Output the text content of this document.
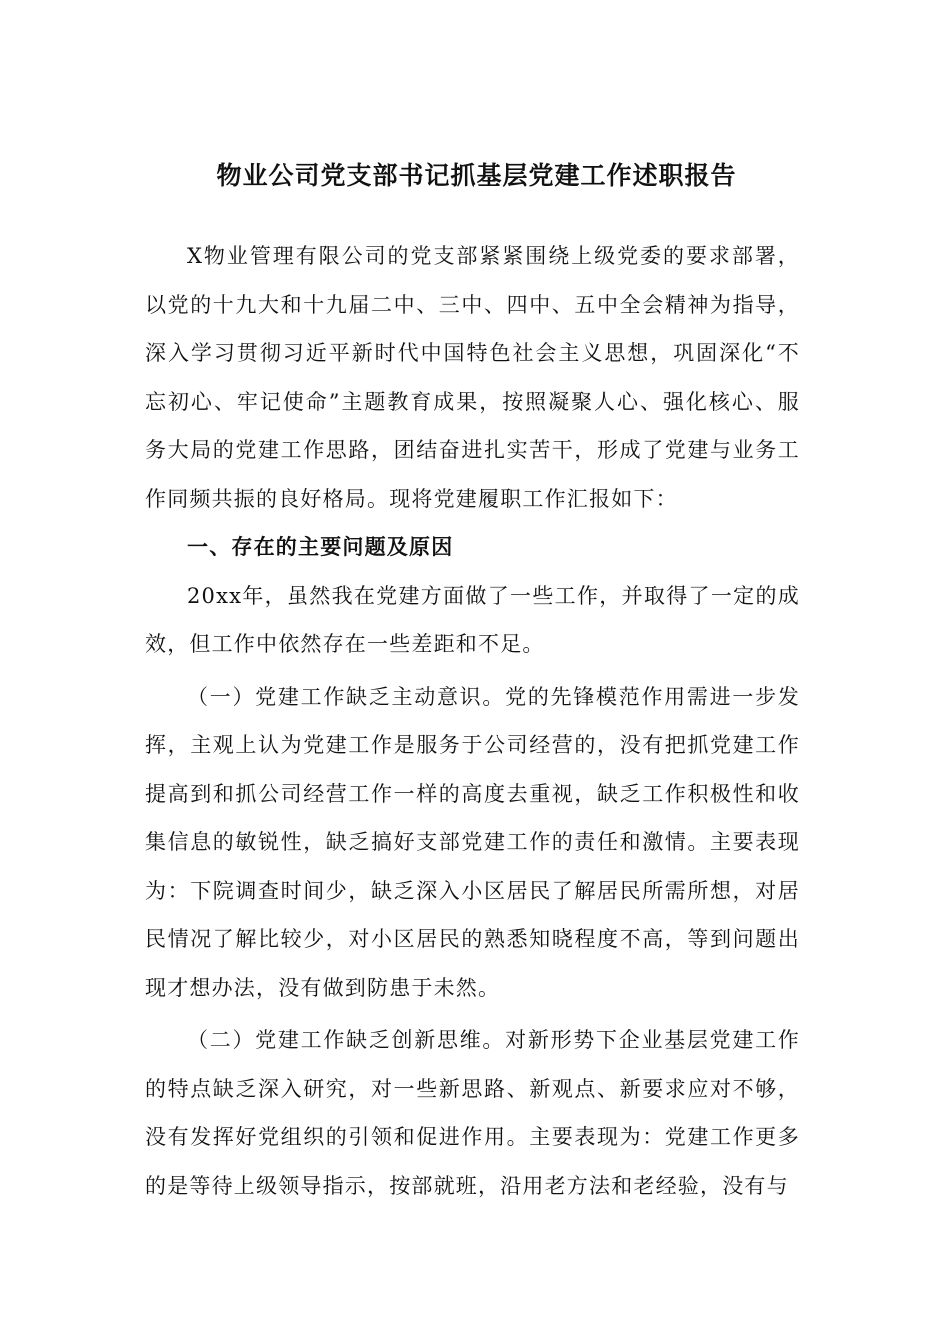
物业公司党支部书记抓基层党建工作述职报告

X物业管理有限公司的党支部紧紧围绕上级党委的要求部署，以党的十九大和十九届二中、三中、四中、五中全会精神为指导，深入学习贯彻习近平新时代中国特色社会主义思想，巩固深化“不忘初心、牢记使命”主题教育成果，按照凝聚人心、强化核心、服务大局的党建工作思路，团结奋进扎实苦干，形成了党建与业务工作同频共振的良好格局。现将党建履职工作汇报如下：

一、存在的主要问题及原因

20xx年，虽然我在党建方面做了一些工作，并取得了一定的成效，但工作中依然存在一些差距和不足。

（一）党建工作缺乏主动意识。党的先锋模范作用需进一步发挥，主观上认为党建工作是服务于公司经营的，没有把抓党建工作提高到和抓公司经营工作一样的高度去重视，缺乏工作积极性和收集信息的敏锐性，缺乏搞好支部党建工作的责任和激情。主要表现为：下院调查时间少，缺乏深入小区居民了解居民所需所想，对居民情况了解比较少，对小区居民的熟悉知晓程度不高，等到问题出现才想办法，没有做到防患于未然。

（二）党建工作缺乏创新思维。对新形势下企业基层党建工作的特点缺乏深入研究，对一些新思路、新观点、新要求应对不够，没有发挥好党组织的引领和促进作用。主要表现为：党建工作更多的是等待上级领导指示，按部就班，沿用老方法和老经验，没有与
